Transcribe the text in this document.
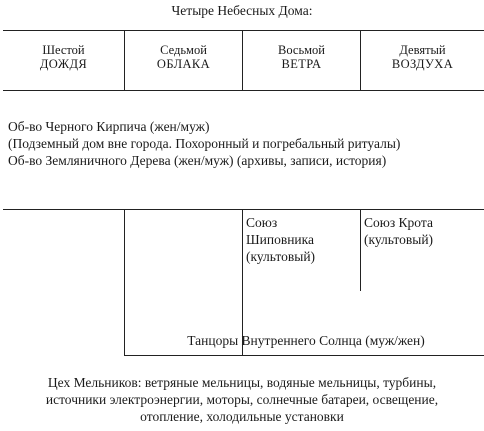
Четыре Небесных Дома:
Шестой
ДОЖДЯ
Седьмой
ОБЛАКА
Восьмой
ВЕТРА
Девятый
ВОЗДУХА
Об-во Черного Кирпича (жен/муж)
(Подземный дом вне города. Похоронный и погребальный ритуалы)
Об-во Земляничного Дерева (жен/муж) (архивы, записи, история)
Союз
Шиповника
(культовый)
Союз Крота
(культовый)
Танцоры Внутреннего Солнца (муж/жен)
Цех Мельников: ветряные мельницы, водяные мельницы, турбины,
источники электроэнергии, моторы, солнечные батареи, освещение,
отопление, холодильные установки
